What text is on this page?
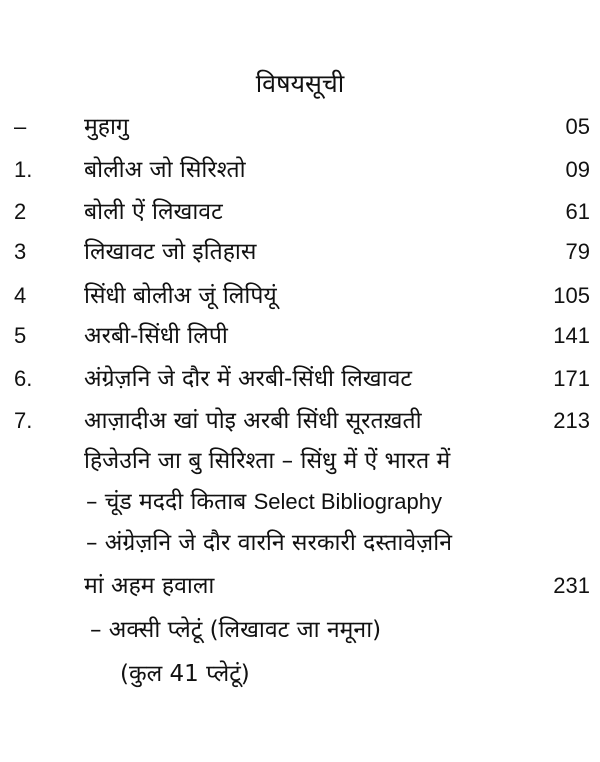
विषयसूची
–	मुहागु	05
1.	बोलीअ जो सिरिश्तो	09
2	बोली ऐं लिखावट	61
3	लिखावट जो इतिहास	79
4	सिंधी बोलीअ जूं लिपियूं	105
5	अरबी-सिंधी लिपी	141
6.	अंग्रेज़नि जे दौर में अरबी-सिंधी लिखावट	171
7.	आज़ादीअ खां पोइ अरबी सिंधी सूरतख़ती	213
हिजेउनि जा बु सिरिश्ता – सिंधु में ऐं भारत में
– चूंड मददी किताब Select Bibliography
– अंग्रेज़नि जे दौर वारनि सरकारी दस्तावेज़नि
मां अहम हवाला	231
– अक्सी प्लेटूं (लिखावट जा नमूना)
(कुल 41 प्लेटूं)
